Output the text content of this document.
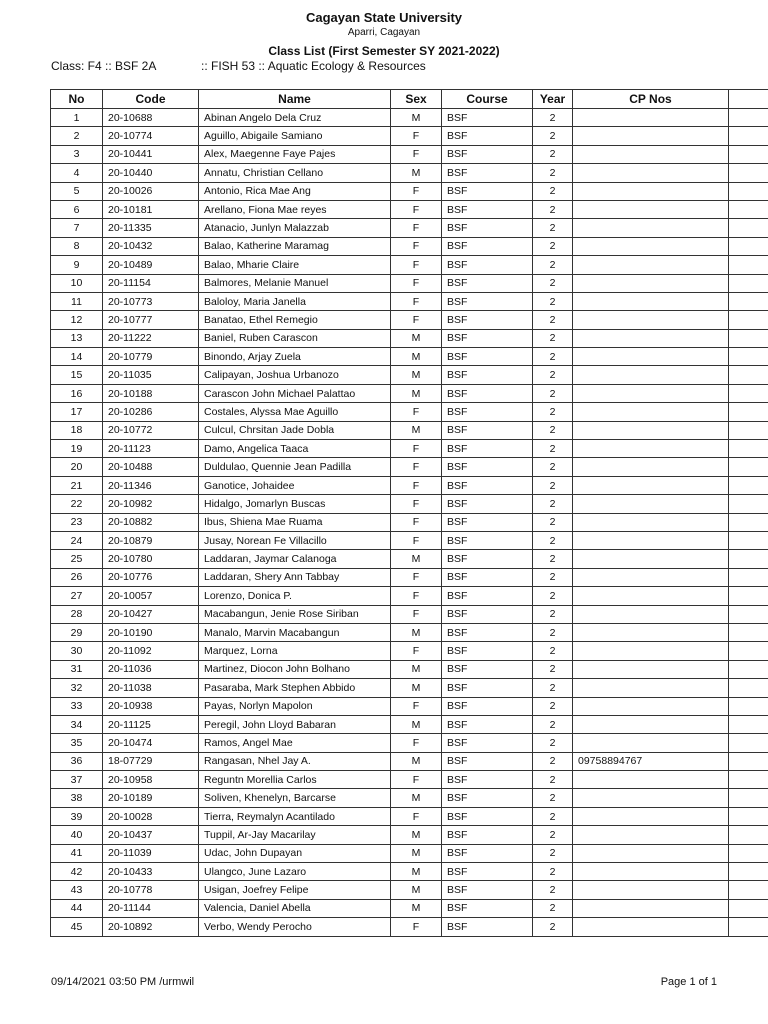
Cagayan State University
Aparri, Cagayan
Class List (First Semester SY 2021-2022)
Class: F4 :: BSF 2A	:: FISH 53 :: Aquatic Ecology & Resources
No	Code	Name	Sex	Course	Year	CP Nos	
1	20-10688	Abinan Angelo Dela Cruz	M	BSF	2		
2	20-10774	Aguillo, Abigaile Samiano	F	BSF	2		
3	20-10441	Alex, Maegenne Faye Pajes	F	BSF	2		
4	20-10440	Annatu, Christian Cellano	M	BSF	2		
5	20-10026	Antonio, Rica Mae Ang	F	BSF	2		
6	20-10181	Arellano, Fiona Mae reyes	F	BSF	2		
7	20-11335	Atanacio, Junlyn Malazzab	F	BSF	2		
8	20-10432	Balao, Katherine Maramag	F	BSF	2		
9	20-10489	Balao, Mharie Claire	F	BSF	2		
10	20-11154	Balmores, Melanie Manuel	F	BSF	2		
11	20-10773	Baloloy, Maria Janella	F	BSF	2		
12	20-10777	Banatao, Ethel Remegio	F	BSF	2		
13	20-11222	Baniel, Ruben Carascon	M	BSF	2		
14	20-10779	Binondo, Arjay Zuela	M	BSF	2		
15	20-11035	Calipayan, Joshua Urbanozo	M	BSF	2		
16	20-10188	Carascon John Michael Palattao	M	BSF	2		
17	20-10286	Costales, Alyssa Mae Aguillo	F	BSF	2		
18	20-10772	Culcul, Chrsitan Jade Dobla	M	BSF	2		
19	20-11123	Damo, Angelica Taaca	F	BSF	2		
20	20-10488	Duldulao, Quennie Jean Padilla	F	BSF	2		
21	20-11346	Ganotice, Johaidee	F	BSF	2		
22	20-10982	Hidalgo, Jomarlyn Buscas	F	BSF	2		
23	20-10882	Ibus, Shiena Mae Ruama	F	BSF	2		
24	20-10879	Jusay, Norean Fe Villacillo	F	BSF	2		
25	20-10780	Laddaran, Jaymar Calanoga	M	BSF	2		
26	20-10776	Laddaran, Shery Ann Tabbay	F	BSF	2		
27	20-10057	Lorenzo, Donica P.	F	BSF	2		
28	20-10427	Macabangun, Jenie Rose Siriban	F	BSF	2		
29	20-10190	Manalo, Marvin Macabangun	M	BSF	2		
30	20-11092	Marquez, Lorna	F	BSF	2		
31	20-11036	Martinez, Diocon John Bolhano	M	BSF	2		
32	20-11038	Pasaraba, Mark Stephen Abbido	M	BSF	2		
33	20-10938	Payas, Norlyn Mapolon	F	BSF	2		
34	20-11125	Peregil, John Lloyd Babaran	M	BSF	2		
35	20-10474	Ramos, Angel Mae	F	BSF	2		
36	18-07729	Rangasan, Nhel Jay A.	M	BSF	2	09758894767	
37	20-10958	Reguntn Morellia Carlos	F	BSF	2		
38	20-10189	Soliven, Khenelyn, Barcarse	M	BSF	2		
39	20-10028	Tierra, Reymalyn Acantilado	F	BSF	2		
40	20-10437	Tuppil, Ar-Jay Macarilay	M	BSF	2		
41	20-11039	Udac, John Dupayan	M	BSF	2		
42	20-10433	Ulangco, June Lazaro	M	BSF	2		
43	20-10778	Usigan, Joefrey Felipe	M	BSF	2		
44	20-11144	Valencia, Daniel Abella	M	BSF	2		
45	20-10892	Verbo, Wendy Perocho	F	BSF	2		
09/14/2021 03:50 PM /urmwil	Page 1 of 1
